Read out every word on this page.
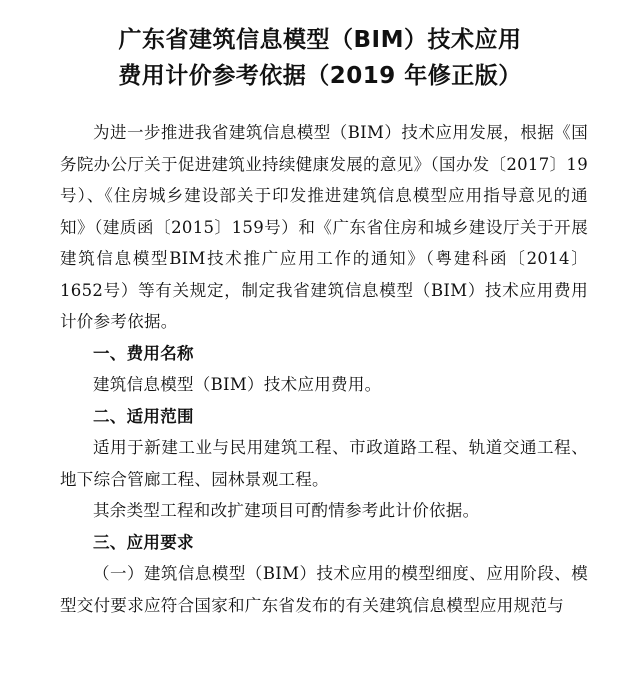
广东省建筑信息模型（BIM）技术应用
费用计价参考依据（2019 年修正版）

为进一步推进我省建筑信息模型（BIM）技术应用发展，根据《国务院办公厅关于促进建筑业持续健康发展的意见》（国办发〔2017〕19号）、《住房城乡建设部关于印发推进建筑信息模型应用指导意见的通知》（建质函〔2015〕159号）和《广东省住房和城乡建设厅关于开展建筑信息模型BIM技术推广应用工作的通知》（粤建科函〔2014〕1652号）等有关规定，制定我省建筑信息模型（BIM）技术应用费用计价参考依据。

一、费用名称

建筑信息模型（BIM）技术应用费用。

二、适用范围

适用于新建工业与民用建筑工程、市政道路工程、轨道交通工程、地下综合管廊工程、园林景观工程。

其余类型工程和改扩建项目可酌情参考此计价依据。

三、应用要求

（一）建筑信息模型（BIM）技术应用的模型细度、应用阶段、模型交付要求应符合国家和广东省发布的有关建筑信息模型应用规范与
